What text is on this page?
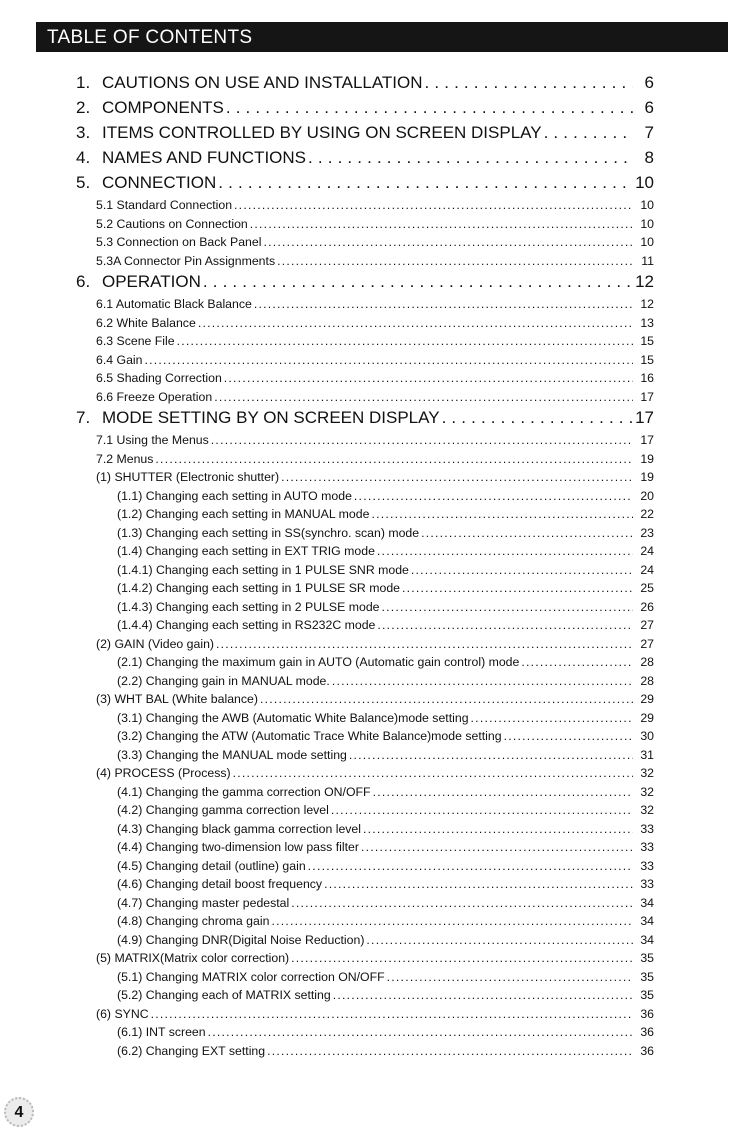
TABLE OF CONTENTS
1. CAUTIONS ON USE AND INSTALLATION . . .	6
2. COMPONENTS . . .	6
3. ITEMS CONTROLLED BY USING ON SCREEN DISPLAY . . .	7
4. NAMES AND FUNCTIONS . . .	8
5. CONNECTION . . .	10
5.1 Standard Connection . . .	10
5.2 Cautions on Connection . . .	10
5.3 Connection on Back Panel . . .	10
5.3A Connector Pin Assignments . . .	11
6. OPERATION . . .	12
6.1 Automatic Black Balance . . .	12
6.2 White Balance . . .	13
6.3 Scene File . . .	15
6.4 Gain . . .	15
6.5 Shading Correction . . .	16
6.6 Freeze Operation . . .	17
7. MODE SETTING BY ON SCREEN DISPLAY . . .	17
7.1 Using the Menus . . .	17
7.2 Menus . . .	19
(1) SHUTTER (Electronic shutter) . . .	19
(1.1) Changing each setting in AUTO mode . . .	20
(1.2) Changing each setting in MANUAL mode . . .	22
(1.3) Changing each setting in SS(synchro. scan) mode . . .	23
(1.4) Changing each setting in EXT TRIG mode . . .	24
(1.4.1) Changing each setting in 1 PULSE SNR mode . . .	24
(1.4.2) Changing each setting in 1 PULSE SR mode . . .	25
(1.4.3) Changing each setting in 2 PULSE mode . . .	26
(1.4.4) Changing each setting in RS232C mode . . .	27
(2) GAIN (Video gain) . . .	27
(2.1) Changing the maximum gain in AUTO (Automatic gain control) mode . . .	28
(2.2) Changing gain in MANUAL mode. . . .	28
(3) WHT BAL (White balance) . . .	29
(3.1) Changing the AWB (Automatic White Balance)mode setting . . .	29
(3.2) Changing the ATW (Automatic Trace White Balance)mode setting . . .	30
(3.3) Changing the MANUAL mode setting . . .	31
(4) PROCESS (Process) . . .	32
(4.1) Changing the gamma correction ON/OFF . . .	32
(4.2) Changing gamma correction level . . .	32
(4.3) Changing black gamma correction level . . .	33
(4.4) Changing two-dimension low pass filter . . .	33
(4.5) Changing detail (outline) gain . . .	33
(4.6) Changing detail boost frequency . . .	33
(4.7) Changing master pedestal . . .	34
(4.8) Changing chroma gain . . .	34
(4.9) Changing DNR(Digital Noise Reduction) . . .	34
(5) MATRIX(Matrix color correction) . . .	35
(5.1) Changing MATRIX color correction ON/OFF . . .	35
(5.2) Changing each of MATRIX setting . . .	35
(6) SYNC . . .	36
(6.1) INT screen . . .	36
(6.2) Changing EXT setting . . .	36
4
